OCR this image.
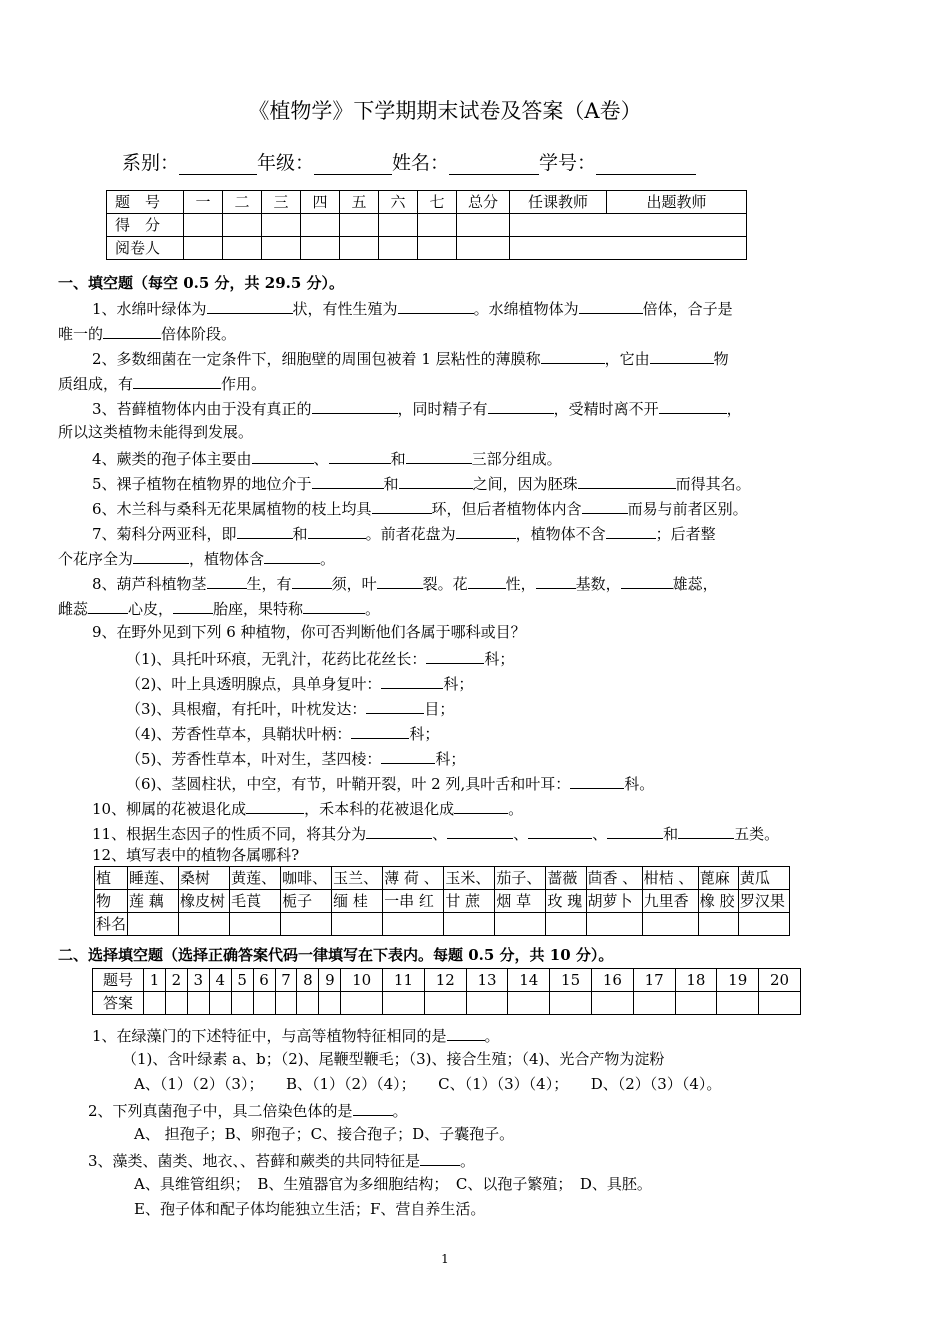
《植物学》下学期期末试卷及答案（A卷）
系别：	年级：	姓名：	学号：
题　号	一	二	三	四	五	六	七	总分	任课教师	出题教师
得　分										
阅卷人										
一、填空题（每空 0.5 分，共 29.5 分）。
1、水绵叶绿体为	状，有性生殖为	。水绵植物体为	倍体，合子是
唯一的	倍体阶段。
2、多数细菌在一定条件下，细胞壁的周围包被着 1 层粘性的薄膜称	，它由	物
质组成，有	作用。
3、苔藓植物体内由于没有真正的	，同时精子有	，受精时离不开	，
所以这类植物未能得到发展。
4、蕨类的孢子体主要由	、	和	三部分组成。
5、裸子植物在植物界的地位介于	和	之间，因为胚珠	而得其名。
6、木兰科与桑科无花果属植物的枝上均具	环，但后者植物体内含	而易与前者区别。
7、菊科分两亚科，即	和	。前者花盘为	，植物体不含	；后者整
个花序全为	，植物体含	。
8、葫芦科植物茎	生，有	须，叶	裂。花	性，	基数，	雄蕊，
雌蕊	心皮，	胎座，果特称	。
9、在野外见到下列 6 种植物，你可否判断他们各属于哪科或目？
（1)、具托叶环痕，无乳汁，花药比花丝长：	科；
（2)、叶上具透明腺点，具单身复叶：	科；
（3)、具根瘤，有托叶，叶枕发达：	目；
（4)、芳香性草本，具鞘状叶柄：	科；
（5)、芳香性草本，叶对生，茎四棱：	科；
（6)、茎圆柱状，中空，有节，叶鞘开裂，叶 2 列,具叶舌和叶耳：	科。
10、柳属的花被退化成	，禾本科的花被退化成	。
11、根据生态因子的性质不同，将其分为	、	、	、	和	五类。
12、填写表中的植物各属哪科?
植	睡莲、	桑树	黄莲、	咖啡、	玉兰、	薄 荷 、	玉米、	茄子、	蔷薇	茴香 、	柑桔 、	蓖麻	黄瓜
物	莲 藕	橡皮树	毛莨	栀子	缅 桂	一串 红	甘 蔗	烟 草	玫 瑰	胡萝卜	九里香	橡 胶	罗汉果
科名													
二、选择填空题（选择正确答案代码一律填写在下表内。每题 0.5 分，共 10 分）。
题号	1	2	3	4	5	6	7	8	9	10	11	12	13	14	15	16	17	18	19	20
答案																				
1、在绿藻门的下述特征中，与高等植物特征相同的是	。
（1)、含叶绿素 a、b；（2)、尾鞭型鞭毛；（3)、接合生殖；（4)、光合产物为淀粉
A、（1）（2）（3）；　　B、（1）（2）（4）；　　C、（1）（3）（4）；　　D、（2）（3）（4）。
2、下列真菌孢子中，具二倍染色体的是	。
A、 担孢子；B、卵孢子；C、接合孢子；D、子囊孢子。
3、藻类、菌类、地衣、、苔藓和蕨类的共同特征是	。
A、具维管组织；　B、生殖器官为多细胞结构；　C、以孢子繁殖；　D、具胚。
E、孢子体和配子体均能独立生活；F、营自养生活。
1
